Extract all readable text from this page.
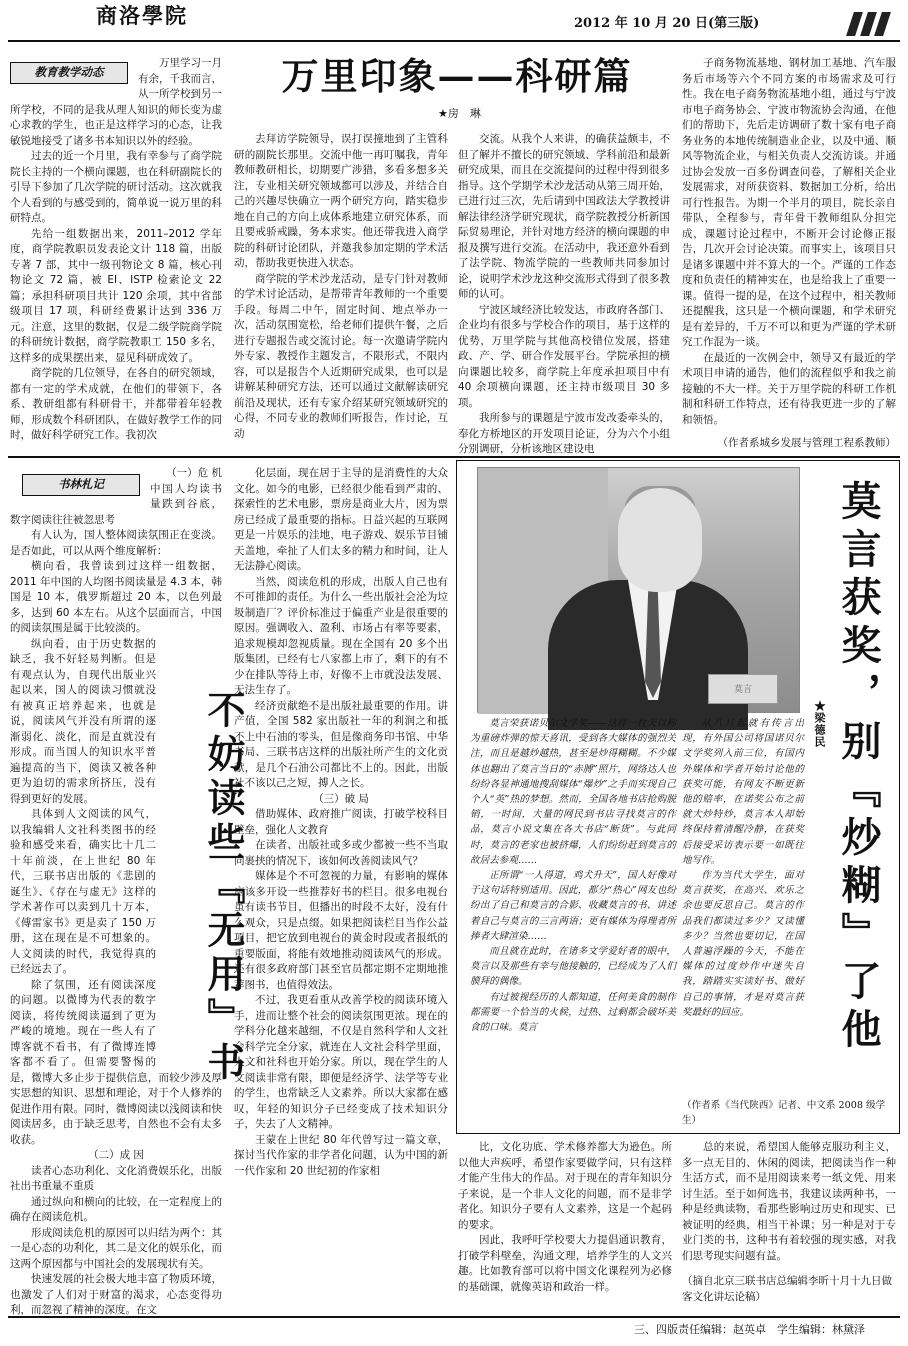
商洛學院	2012 年 10 月 20 日(第三版)
教育教学动态	万里印象——科研篇
★房　琳

万里学习一月有余，千我而言，从一所学校到另一所学校，不同的是我从理人知识的师长变为虚心求教的学生，也正是这样学习的心态，让我敏锐地接受了诸多书本知识以外的经验。

过去的近一个月里，我有幸参与了商学院院长主持的一个横向课题，也在科研副院长的引导下参加了几次学院的研讨活动。这次就我个人看到的与感受到的，简单说一说万里的科研特点。

先给一组数据出来，2011–2012 学年度，商学院教职员发表论文计 118 篇，出版专著 7 部，其中一级刊物论文 8 篇，核心刊物论文 72 篇，被 EI、ISTP 检索论文 22 篇；承担科研项目共计 120 余项，其中省部级项目 17 项，科研经费累计达到 336 万元。注意，这里的数据，仅是二级学院商学院的科研统计数据，商学院教职工 150 多名，这样多的成果摆出来，显见科研成效了。

商学院的几位领导，在各自的研究领域，都有一定的学术成就，在他们的带领下，各系、教研组都有科研骨干，并都带着年轻教师，形成数个科研团队，在做好教学工作的同时，做好科学研究工作。我初次

去拜访学院领导，误打误撞地到了主管科研的副院长那里。交流中他一再叮嘱我，青年教师教研相长，切期要广涉猎，多看多想多关注，专业相关研究领域都可以涉及，并结合自己的兴趣尽快确立一两个研究方向，踏实稳步地在自己的方向上成体系地建立研究体系，而且要戒骄戒躁，务本求实。他还带我进入商学院的科研讨论团队，并邀我参加定期的学术活动，帮助我更快进入状态。

商学院的学术沙龙活动，是专门针对教师的学术讨论活动，是帮带青年教师的一个重要手段。每周二中午，固定时间、地点举办一次，活动氛围宽松，给老师们提供午餐，之后进行专题报告或交流讨论。每一次邀请学院内外专家、教授作主题发言，不限形式，不限内容，可以是报告个人近期研究成果，也可以是讲解某种研究方法，还可以通过文献解读研究前沿及现状，还有专家介绍某研究领域研究的心得，不同专业的教师们听报告，作讨论，互动

交流。从我个人来讲，的确获益颇丰，不但了解并不擅长的研究领域、学科前沿和最新研究成果，而且在交流提问的过程中得到很多指导。这个学期学术沙龙活动从第三周开始，已进行过三次，先后请到中国政法大学教授讲解法律经济学研究现状，商学院教授分析新国际贸易理论，并针对地方经济的横向课题的申报及撰写进行交流。在活动中，我还意外看到了法学院、物流学院的一些教师共同参加讨论，说明学术沙龙这种交流形式得到了很多教师的认可。

宁波区域经济比较发达，市政府各部门、企业均有很多与学校合作的项目，基于这样的优势，万里学院与其他高校错位发展，搭建政、产、学、研合作发展平台。学院承担的横向课题比较多，商学院上年度承担项目中有 40 余项横向课题，还主持市级项目 30 多项。

我所参与的课题是宁波市发改委牵头的，奉化方桥地区的开发项目论证，分为六个小组分别调研，分析该地区建设电

子商务物流基地、钢材加工基地、汽车服务后市场等六个不同方案的市场需求及可行性。我在电子商务物流基地小组，通过与宁波市电子商务协会、宁波市物流协会沟通，在他们的帮助下，先后走访调研了数十家有电子商务业务的本地传统制造业企业，以及中通、顺风等物流企业，与相关负责人交流访谈。并通过协会发放一百多份调查问卷，了解相关企业发展需求，对所获资料、数据加工分析，给出可行性报告。为期一个半月的项目，院长亲自带队，全程参与，青年骨干教师组队分担完成，课题讨论过程中，不断开会讨论修正报告，几次开会讨论决策。而事实上，该项目只是诸多课题中并不算大的一个。严谨的工作态度和负责任的精神实在，也是给我上了重要一课。值得一提的是，在这个过程中，相关教师还提醒我，这只是一个横向课题，和学术研究是有差异的，千万不可以和更为严谨的学术研究工作混为一谈。

在最近的一次例会中，领导又有最近的学术项目申请的通告，他们的流程似乎和我之前接触的不大一样。关于万里学院的科研工作机制和科研工作特点，还有待我更进一步的了解和领悟。

（作者系城乡发展与管理工程系教师）
书林札记
不妨读些『无用』书
（一）危 机

中国人均读书量跌到谷底，数字阅读往往被忽思考

有人认为，国人整体阅读氛围正在变淡。是否如此，可以从两个维度解析：

横向看，我曾读到过这样一组数据，2011 年中国的人均图书阅读量是 4.3 本，韩国是 10 本，俄罗斯超过 20 本，以色列最多，达到 60 本左右。从这个层面而言，中国的阅读氛围是属于比较淡的。

纵向看，由于历史数据的缺乏，我不好轻易判断。但是有观点认为，自现代出版业兴起以来，国人的阅读习惯就没有被真正培养起来，也就是说，阅读风气并没有所谓的逐渐弱化、淡化，而是直就没有形成。而当国人的知识水平普遍提高的当下，阅读又被各种更为迫切的需求所挤压，没有得到更好的发展。

具体到人文阅读的风气，以我编辑人文社科类图书的经验和感受来看，确实比十几二十年前淡，在上世纪 80 年代，三联书店出版的《悲剧的诞生》、《存在与虚无》这样的学术著作可以卖到几十万本，《傅雷家书》更是卖了 150 万册，这在现在是不可想象的。人文阅读的时代，我觉得真的已经远去了。

除了氛围，还有阅读深度的问题。以微博为代表的数字阅读，将传统阅读逼到了更为严峻的境地。现在一些人有了博客就不看书，有了微博连博客都不看了。但需要警惕的是，微博大多止步于提供信息，而较少涉及厚实思想的知识、思想和理论，对于个人修养的促进作用有限。同时，微博阅读以浅阅读和快阅读居多，由于缺乏思考，自然也不会有太多收获。

（二）成 因

读者心态功利化、文化消费娱乐化，出版社出书重量不重质

通过纵向和横向的比较，在一定程度上的确存在阅读危机。

形成阅读危机的原因可以归结为两个：其一是心态的功利化，其二是文化的娱乐化，而这两个原因都与中国社会的发展现状有关。

快速发展的社会极大地丰富了物质环境，也激发了人们对于财富的渴求，心态变得功利，而忽视了精神的深度。在文

化层面，现在居于主导的是消费性的大众文化。如今的电影，已经很少能看到严肃的、探索性的艺术电影，票房是商业大片，因为票房已经成了最重要的指标。日益兴起的互联网更是一片娱乐的洼地，电子游戏、娱乐节目铺天盖地，牵扯了人们太多的精力和时间，让人无法静心阅读。

当然，阅读危机的形成，出版人自己也有不可推卸的责任。为什么一些出版社会沦为垃圾制造厂？评价标准过于偏重产业是很重要的原因。强调收入、盈利、市场占有率等要素，追求规模却忽视质量。现在全国有 20 多个出版集团，已经有七八家都上市了，剩下的有不少在排队等待上市，好像不上市就没法发展、无法生存了。

经济贡献绝不是出版社最重要的作用。讲产值，全国 582 家出版社一年的利润之和抵不上中石油的零头，但是像商务印书馆、中华书局、三联书店这样的出版社所产生的文化贡献，是几个石油公司都比不上的。因此，出版社不该以己之短，搏人之长。

（三）破 局

借助媒体、政府推广阅读，打破学校科目壁垒，强化人文教育

在读者、出版社或多或少都被一些不当取向裹挟的情况下，该如何改善阅读风气？

媒体是个不可忽视的力量，有影响的媒体应该多开设一些推荐好书的栏目。很多电视台虽有读书节目，但播出的时段不太好，没有什么观众，只是点缀。如果把阅读栏目当作公益项目，把它放到电视台的黄金时段或者报纸的重要版面，将能有效地推动阅读风气的形成。还有很多政府部门甚至官员都定期不定期地推荐图书，也值得效法。

不过，我更看重从改善学校的阅读环境入手，进而让整个社会的阅读氛围更浓。现在的学科分化越来越细，不仅是自然科学和人文社会科学完全分家，就连在人文社会科学里面，人文和社科也开始分家。所以，现在学生的人文阅读非常有限，即便是经济学、法学等专业的学生，也常缺乏人文素养。所以大家都在感叹，年轻的知识分子已经变成了技术知识分子，失去了人文精神。

王蒙在上世纪 80 年代曾写过一篇文章，探讨当代作家的非学者化问题，认为中国的新一代作家和 20 世纪初的作家相

比，文化功底、学术修养都大为逊色。所以他大声疾呼，希望作家要做学问，只有这样才能产生伟大的作品。对于现在的青年知识分子来说，是一个非人文化的问题，而不是非学者化。知识分子要有人文素养，这是一个起码的要求。

因此，我呼吁学校要大力提倡通识教育，打破学科壁垒，沟通文理，培养学生的人文兴趣。比如教育部可以将中国文化课程列为必修的基础课，就像英语和政治一样。

总的来说，希望国人能够克服功利主义，多一点无目的、休闲的阅读，把阅读当作一种生活方式，而不是用阅读来考一纸文凭、用来讨生活。至于如何选书，我建议读两种书，一种是经典读物，看那些影响过历史和现实、已被证明的经典，相当干补课；另一种是对于专业门类的书，这种书有着较强的现实感，对我们思考现实问题有益。

（摘自北京三联书店总编辑李昕十月十九日做客文化讲坛论稿）
莫言	莫言获奖，别『炒糊』了他
★梁德民

莫言荣获诺贝尔文学奖——这样一枚天以称为重磅炸弹的惊天喜讯，受到各大媒体的强烈关注，而且是越炒越热，甚至是炒得糊糊。不少媒体也翻出了莫言当日的“赤膊”照片，网络达人也纷纷各显神通地搜刮媒体“爆炒”之手而实现自己个人“英”热的梦想。然而，全国各地书店抢购脱销，一时间，大量的网民到书店寻找莫言的作品，莫言小说文集在各大书店“断货”。与此同时，莫言的老家也被挤爆，人们纷纷赶到莫言的故居去参观……

正所谓“一人得道，鸡犬升天”，国人好像对于这句话特别适用。因此，都分“热心”网友也纷纷出了自己和莫言的合影、收藏莫言的书、讲述着自己与莫言的三言两语；更有媒体为得理者所捧者大肆渲染……

而且就在此时，在诸多文学爱好者的眼中，莫言以及那些有幸与他接触的，已经成为了人们膜拜的偶像。

有过被视经历的人都知道，任何美食的制作都需要一个恰当的火候，过热、过剩都会破坏美食的口味。莫言

从八月起就有传言出现，有外国公司将国诺贝尔文学奖列入前三位，有国内外媒体和学者开始讨论他的获奖可能，有网友不断更新他的赔率，在诺奖公布之前就大炒特炒，莫言本人却始终保持着清醒冷静，在获奖后接受采访表示要一如既往地写作。

作为当代大学生，面对莫言获奖，在高兴、欢乐之余也要反思自己。莫言的作品我们都读过多少？又读懂多少？当然也要切记，在国人普遍浮躁的今天，不能在媒体的过度炒作中迷失自我，踏踏实实读好书、做好自己的事情，才是对莫言获奖最好的回应。

（作者系《当代陕西》记者、中文系 2008 级学生）
三、四版责任编辑：赵英卓　学生编辑：林黛泽
